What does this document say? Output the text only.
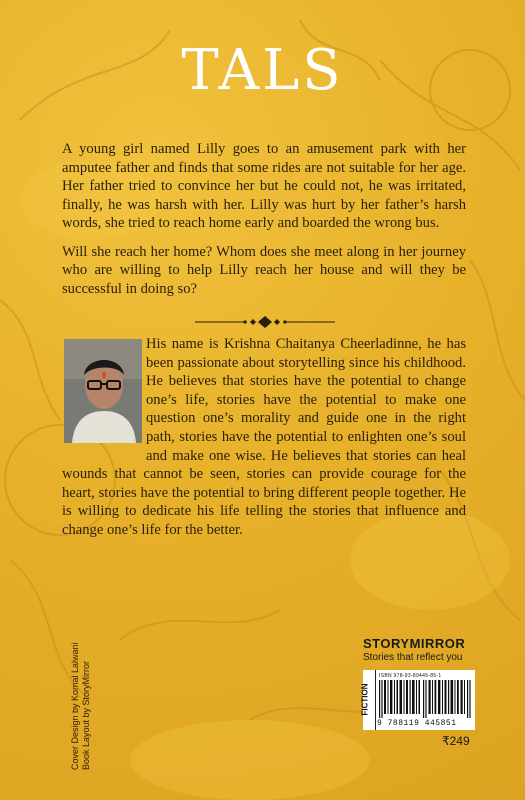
TALS

A young girl named Lilly goes to an amusement park with her amputee father and finds that some rides are not suitable for her age. Her father tried to convince her but he could not, he was irritated, finally, he was harsh with her. Lilly was hurt by her father’s harsh words, she tried to reach home early and boarded the wrong bus.

Will she reach her home? Whom does she meet along in her journey who are willing to help Lilly reach her house and will they be successful in doing so?

His name is Krishna Chaitanya Cheerladinne, he has been passionate about storytelling since his childhood. He believes that stories have the potential to change one’s life, stories have the potential to make one question one’s morality and guide one in the right path, stories have the potential to enlighten one’s soul and make one wise. He believes that stories can heal wounds that cannot be seen, stories can provide courage for the heart, stories have the potential to bring different people together. He is willing to dedicate his life telling the stories that influence and change one’s life for the better.

Cover Design by Komal Lalwani Book Layout by StoryMirror
STORYMIRROR
Stories that reflect you
FICTION
ISBN 978-93-89445-85-1
9 788119 445851
₹249
